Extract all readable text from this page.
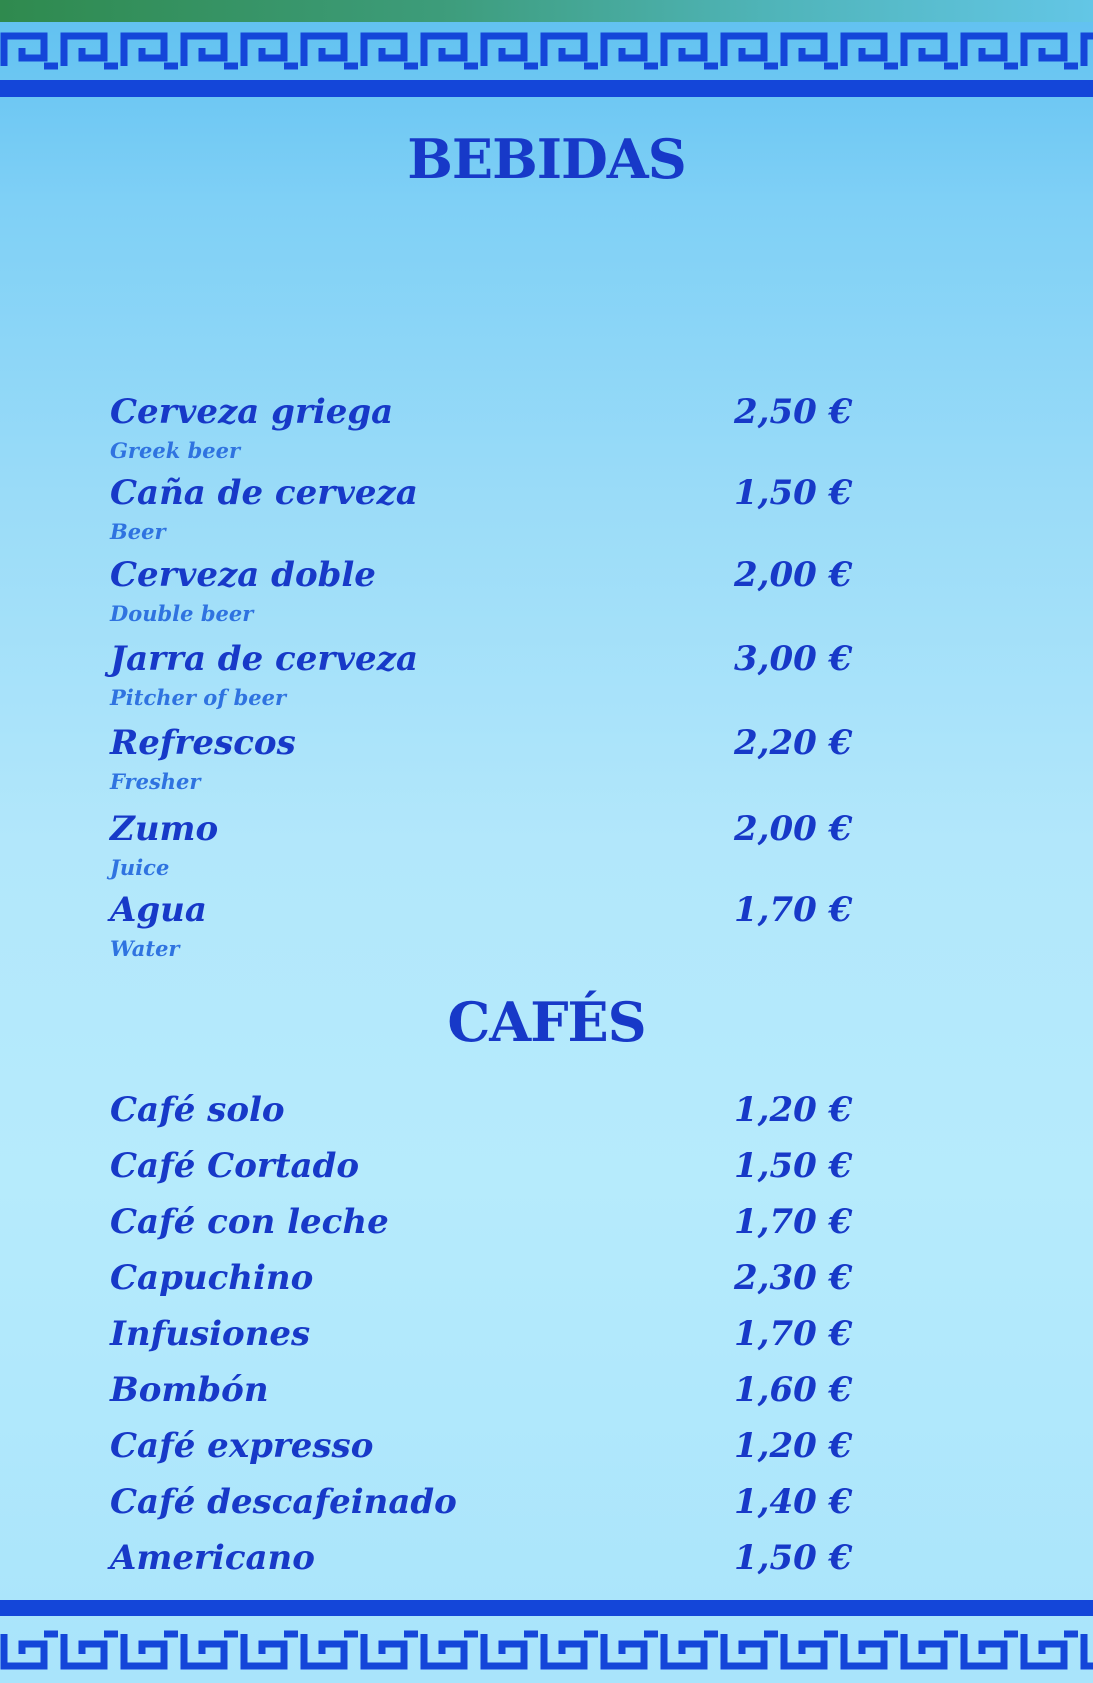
BEBIDAS
Cerveza griega	2,50 €
Greek beer
Caña de cerveza	1,50 €
Beer
Cerveza doble	2,00 €
Double beer
Jarra de cerveza	3,00 €
Pitcher of beer
Refrescos	2,20 €
Fresher
Zumo	2,00 €
Juice
Agua	1,70 €
Water
CAFÉS
Café solo	1,20 €
Café Cortado	1,50 €
Café con leche	1,70 €
Capuchino	2,30 €
Infusiones	1,70 €
Bombón	1,60 €
Café expresso	1,20 €
Café descafeinado	1,40 €
Americano	1,50 €
